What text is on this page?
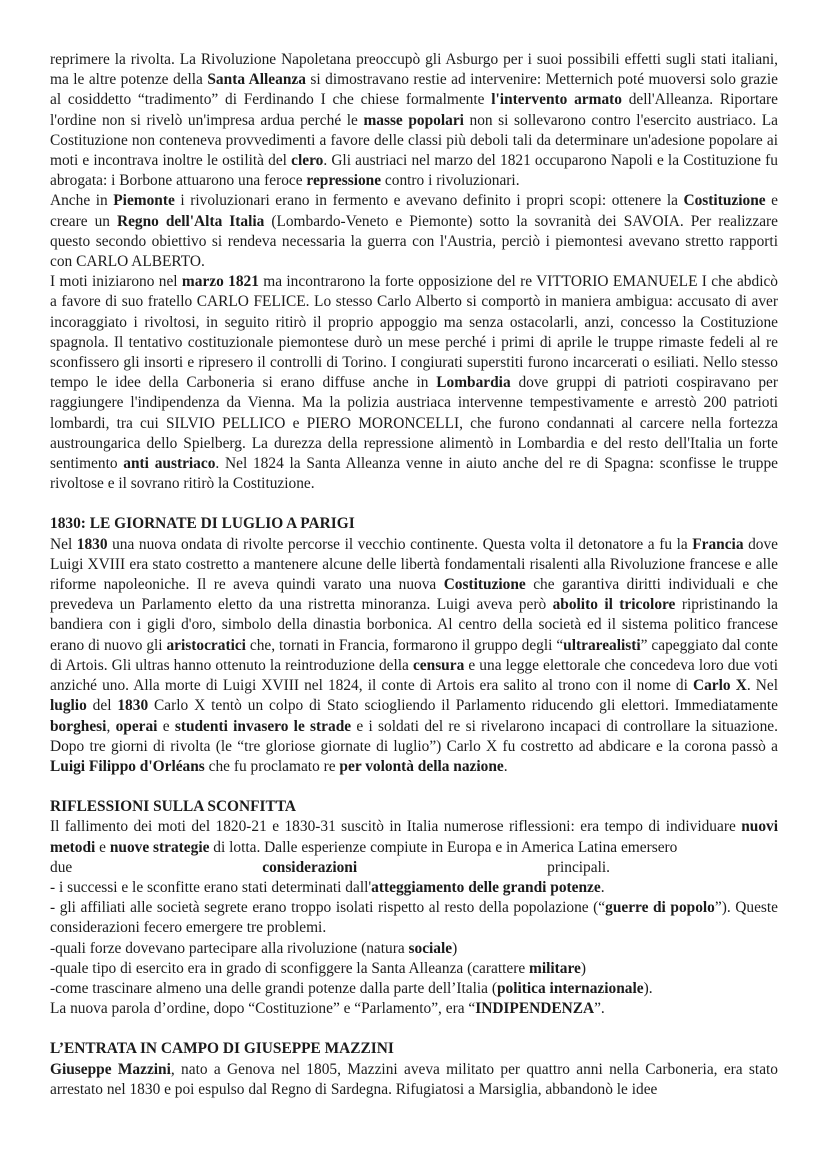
reprimere la rivolta. La Rivoluzione Napoletana preoccupò gli Asburgo per i suoi possibili effetti sugli stati italiani, ma le altre potenze della Santa Alleanza si dimostravano restie ad intervenire: Metternich poté muoversi solo grazie al cosiddetto “tradimento” di Ferdinando I che chiese formalmente l'intervento armato dell'Alleanza. Riportare l'ordine non si rivelò un'impresa ardua perché le masse popolari non si sollevarono contro l'esercito austriaco. La Costituzione non conteneva provvedimenti a favore delle classi più deboli tali da determinare un'adesione popolare ai moti e incontrava inoltre le ostilità del clero. Gli austriaci nel marzo del 1821 occuparono Napoli e la Costituzione fu abrogata: i Borbone attuarono una feroce repressione contro i rivoluzionari.

Anche in Piemonte i rivoluzionari erano in fermento e avevano definito i propri scopi: ottenere la Costituzione e creare un Regno dell'Alta Italia (Lombardo-Veneto e Piemonte) sotto la sovranità dei SAVOIA. Per realizzare questo secondo obiettivo si rendeva necessaria la guerra con l'Austria, perciò i piemontesi avevano stretto rapporti con CARLO ALBERTO.

I moti iniziarono nel marzo 1821 ma incontrarono la forte opposizione del re VITTORIO EMANUELE I che abdicò a favore di suo fratello CARLO FELICE. Lo stesso Carlo Alberto si comportò in maniera ambigua: accusato di aver incoraggiato i rivoltosi, in seguito ritirò il proprio appoggio ma senza ostacolarli, anzi, concesso la Costituzione spagnola. Il tentativo costituzionale piemontese durò un mese perché i primi di aprile le truppe rimaste fedeli al re sconfissero gli insorti e ripresero il controlli di Torino. I congiurati superstiti furono incarcerati o esiliati. Nello stesso tempo le idee della Carboneria si erano diffuse anche in Lombardia dove gruppi di patrioti cospiravano per raggiungere l'indipendenza da Vienna. Ma la polizia austriaca intervenne tempestivamente e arrestò 200 patrioti lombardi, tra cui SILVIO PELLICO e PIERO MORONCELLI, che furono condannati al carcere nella fortezza austroungarica dello Spielberg. La durezza della repressione alimentò in Lombardia e del resto dell'Italia un forte sentimento anti austriaco. Nel 1824 la Santa Alleanza venne in aiuto anche del re di Spagna: sconfisse le truppe rivoltose e il sovrano ritirò la Costituzione.

1830: LE GIORNATE DI LUGLIO A PARIGI

Nel 1830 una nuova ondata di rivolte percorse il vecchio continente. Questa volta il detonatore a fu la Francia dove Luigi XVIII era stato costretto a mantenere alcune delle libertà fondamentali risalenti alla Rivoluzione francese e alle riforme napoleoniche. Il re aveva quindi varato una nuova Costituzione che garantiva diritti individuali e che prevedeva un Parlamento eletto da una ristretta minoranza. Luigi aveva però abolito il tricolore ripristinando la bandiera con i gigli d'oro, simbolo della dinastia borbonica. Al centro della società ed il sistema politico francese erano di nuovo gli aristocratici che, tornati in Francia, formarono il gruppo degli “ultrarealisti” capeggiato dal conte di Artois. Gli ultras hanno ottenuto la reintroduzione della censura e una legge elettorale che concedeva loro due voti anziché uno. Alla morte di Luigi XVIII nel 1824, il conte di Artois era salito al trono con il nome di Carlo X. Nel luglio del 1830 Carlo X tentò un colpo di Stato sciogliendo il Parlamento riducendo gli elettori. Immediatamente borghesi, operai e studenti invasero le strade e i soldati del re si rivelarono incapaci di controllare la situazione. Dopo tre giorni di rivolta (le “tre gloriose giornate di luglio”) Carlo X fu costretto ad abdicare e la corona passò a Luigi Filippo d'Orléans che fu proclamato re per volontà della nazione.

RIFLESSIONI SULLA SCONFITTA

Il fallimento dei moti del 1820-21 e 1830-31 suscitò in Italia numerose riflessioni: era tempo di individuare nuovi metodi e nuove strategie di lotta. Dalle esperienze compiute in Europa e in America Latina emersero

due	considerazioni	principali.

- i successi e le sconfitte erano stati determinati dall'atteggiamento delle grandi potenze.

- gli affiliati alle società segrete erano troppo isolati rispetto al resto della popolazione (“guerre di popolo”). Queste considerazioni fecero emergere tre problemi.

-quali forze dovevano partecipare alla rivoluzione (natura sociale)

-quale tipo di esercito era in grado di sconfiggere la Santa Alleanza (carattere militare)

-come trascinare almeno una delle grandi potenze dalla parte dell’Italia (politica internazionale).

La nuova parola d’ordine, dopo “Costituzione” e “Parlamento”, era “INDIPENDENZA”.

L’ENTRATA IN CAMPO DI GIUSEPPE MAZZINI

Giuseppe Mazzini, nato a Genova nel 1805, Mazzini aveva militato per quattro anni nella Carboneria, era stato arrestato nel 1830 e poi espulso dal Regno di Sardegna. Rifugiatosi a Marsiglia, abbandonò le idee
